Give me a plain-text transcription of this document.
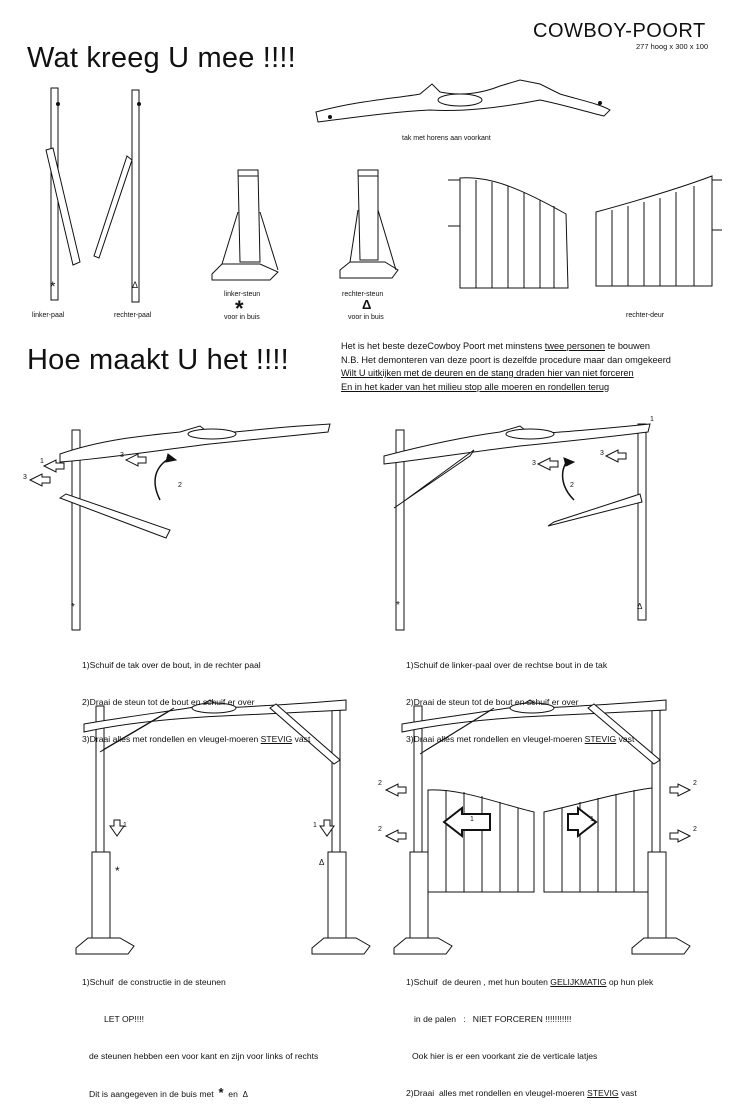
COWBOY-POORT
277 hoog x 300 x 100
Wat kreeg U mee !!!!
Hoe maakt U het !!!!
*	Δ
*	Δ
*	*	Δ
*
Δ
3
1
3
2
3
3
2
1
1	1
2
2
2
2
1	1
linker-paal	rechter-paal
linker-steun
voor in buis
rechter-steun
voor in buis
tak met horens aan voorkant
rechter-deur
Het is het beste dezeCowboy Poort met minstens twee personen te bouwen
N.B. Het demonteren van deze poort is dezelfde procedure maar dan omgekeerd
Wilt U uitkijken met de deuren en de stang draden hier van niet forceren
En in het kader van het milieu stop alle moeren en rondellen terug

1)Schuif de tak over de bout, in de rechter paal

2)Draai de steun tot de bout en schuif er over

3)Draai alles met rondellen en vleugel-moeren STEVIG vast

1)Schuif de linker-paal over de rechtse bout in de tak

2)Draai de steun tot de bout en schuif er over

3)Draai alles met rondellen en vleugel-moeren STEVIG vast

1)Schuif  de constructie in de steunen

LET OP!!!!

de steunen hebben een voor kant en zijn voor links of rechts

Dit is aangegeven in de buis met  *  en  Δ

1)Schuif  de deuren , met hun bouten GELIJKMATIG op hun plek

in de palen   :   NIET FORCEREN !!!!!!!!!!!

Ook hier is er een voorkant zie de verticale latjes

2)Draai  alles met rondellen en vleugel-moeren STEVIG vast
